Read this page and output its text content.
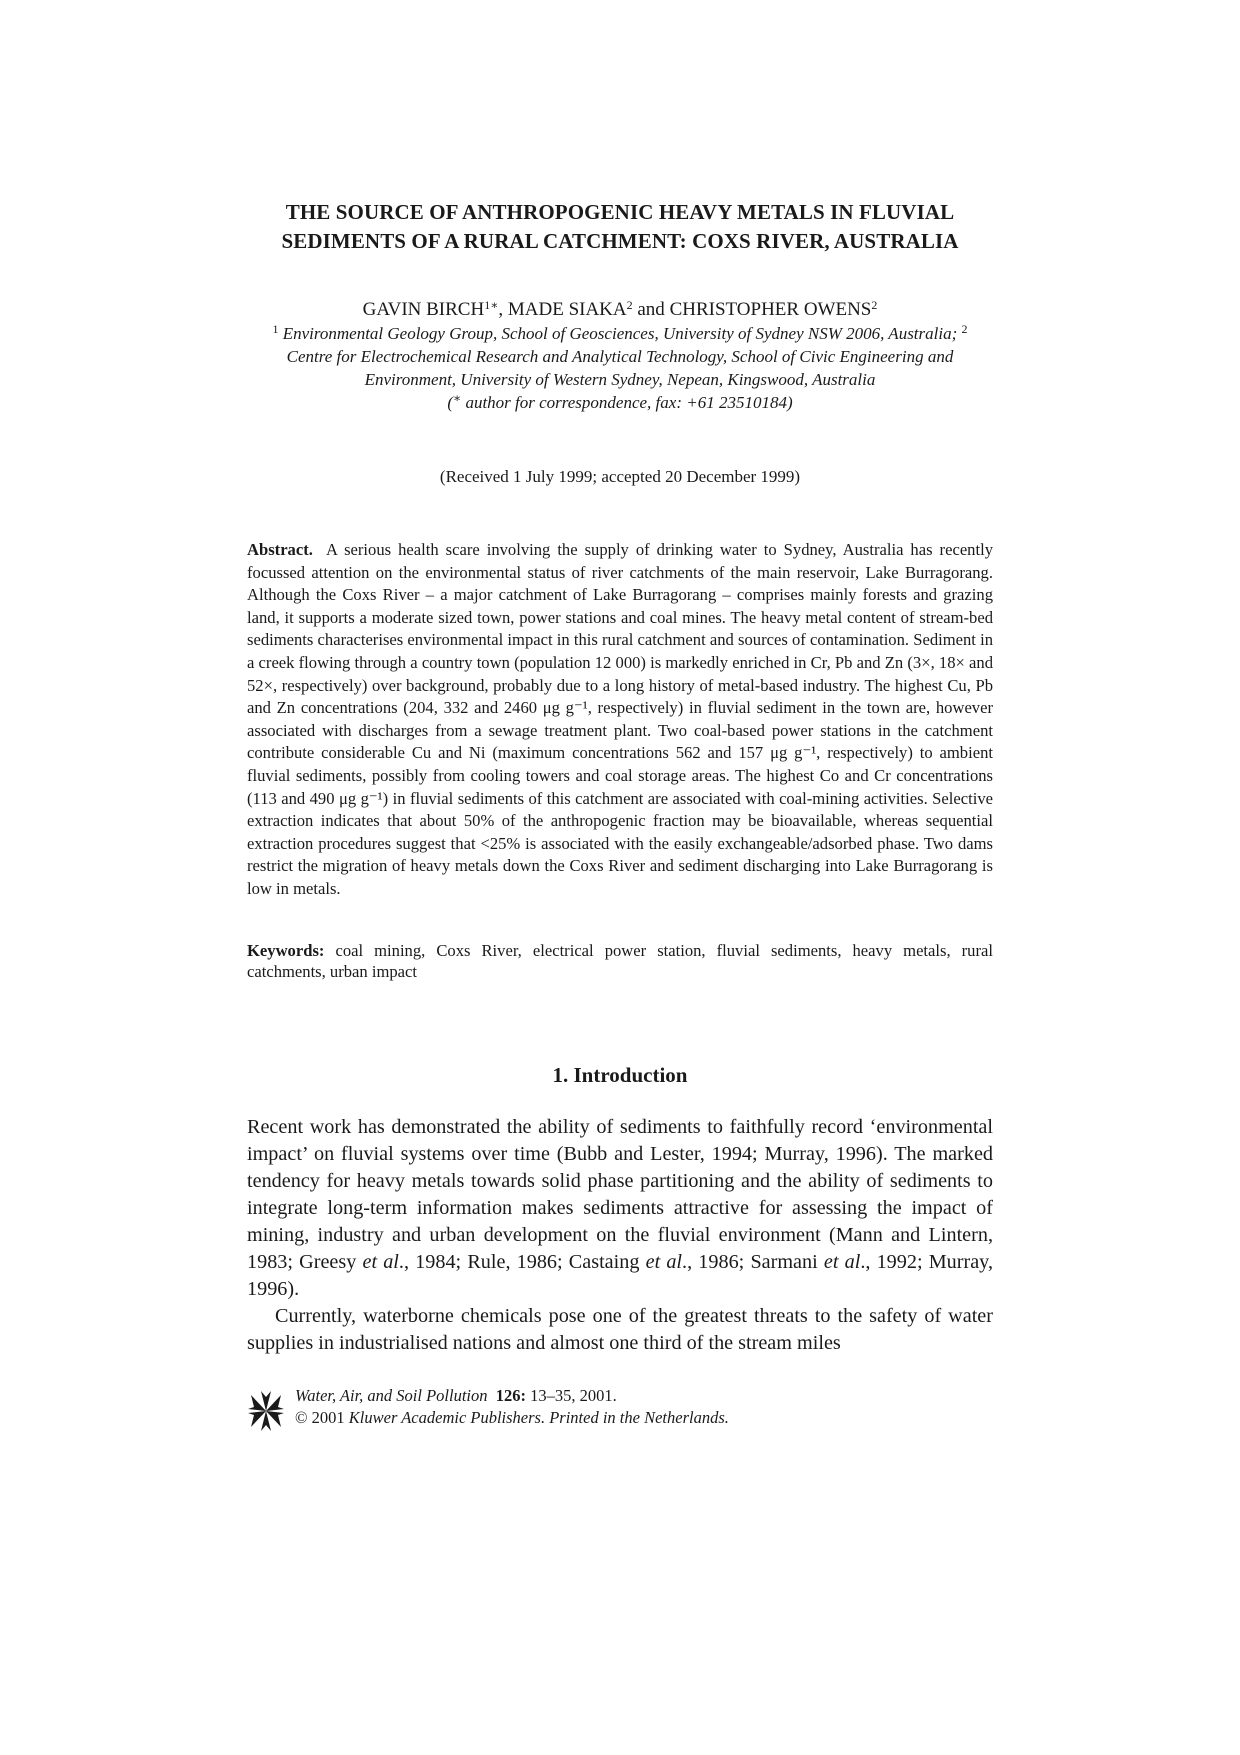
THE SOURCE OF ANTHROPOGENIC HEAVY METALS IN FLUVIAL
SEDIMENTS OF A RURAL CATCHMENT: COXS RIVER, AUSTRALIA
GAVIN $BIRCH^{1∗}$, MADE SIAKA$^2$ and CHRISTOPHER OWENS$^2$
$^1$ Environmental Geology Group, School of Geosciences, University of Sydney NSW 2006, Australia; $^2$ Centre for Electrochemical Research and Analytical Technology, School of Civic Engineering and Environment, University of Western Sydney, Nepean, Kingswood, Australia
(∗ author for correspondence, fax: +61 23510184)
(Received 1 July 1999; accepted 20 December 1999)
Abstract. A serious health scare involving the supply of drinking water to Sydney, Australia has recently focussed attention on the environmental status of river catchments of the main reservoir, Lake Burragorang. Although the Coxs River – a major catchment of Lake Burragorang – comprises mainly forests and grazing land, it supports a moderate sized town, power stations and coal mines. The heavy metal content of stream-bed sediments characterises environmental impact in this rural catchment and sources of contamination. Sediment in a creek flowing through a country town (population 12 000) is markedly enriched in Cr, Pb and Zn (3×, 18× and 52×, respectively) over background, probably due to a long history of metal-based industry. The highest Cu, Pb and Zn concentrations (204, 332 and 2460 μg g⁻¹, respectively) in fluvial sediment in the town are, however associated with discharges from a sewage treatment plant. Two coal-based power stations in the catchment contribute considerable Cu and Ni (maximum concentrations 562 and 157 μg g⁻¹, respectively) to ambient fluvial sediments, possibly from cooling towers and coal storage areas. The highest Co and Cr concentrations (113 and 490 μg g⁻¹) in fluvial sediments of this catchment are associated with coal-mining activities. Selective extraction indicates that about 50% of the anthropogenic fraction may be bioavailable, whereas sequential extraction procedures suggest that <25% is associated with the easily exchangeable/adsorbed phase. Two dams restrict the migration of heavy metals down the Coxs River and sediment discharging into Lake Burragorang is low in metals.
Keywords: coal mining, Coxs River, electrical power station, fluvial sediments, heavy metals, rural catchments, urban impact
1. Introduction

Recent work has demonstrated the ability of sediments to faithfully record ‘environmental impact’ on fluvial systems over time (Bubb and Lester, 1994; Murray, 1996). The marked tendency for heavy metals towards solid phase partitioning and the ability of sediments to integrate long-term information makes sediments attractive for assessing the impact of mining, industry and urban development on the fluvial environment (Mann and Lintern, 1983; Greesy et al., 1984; Rule, 1986; Castaing et al., 1986; Sarmani et al., 1992; Murray, 1996).

Currently, waterborne chemicals pose one of the greatest threats to the safety of water supplies in industrialised nations and almost one third of the stream miles

Water, Air, and Soil Pollution 126: 13–35, 2001.
© 2001 Kluwer Academic Publishers. Printed in the Netherlands.
